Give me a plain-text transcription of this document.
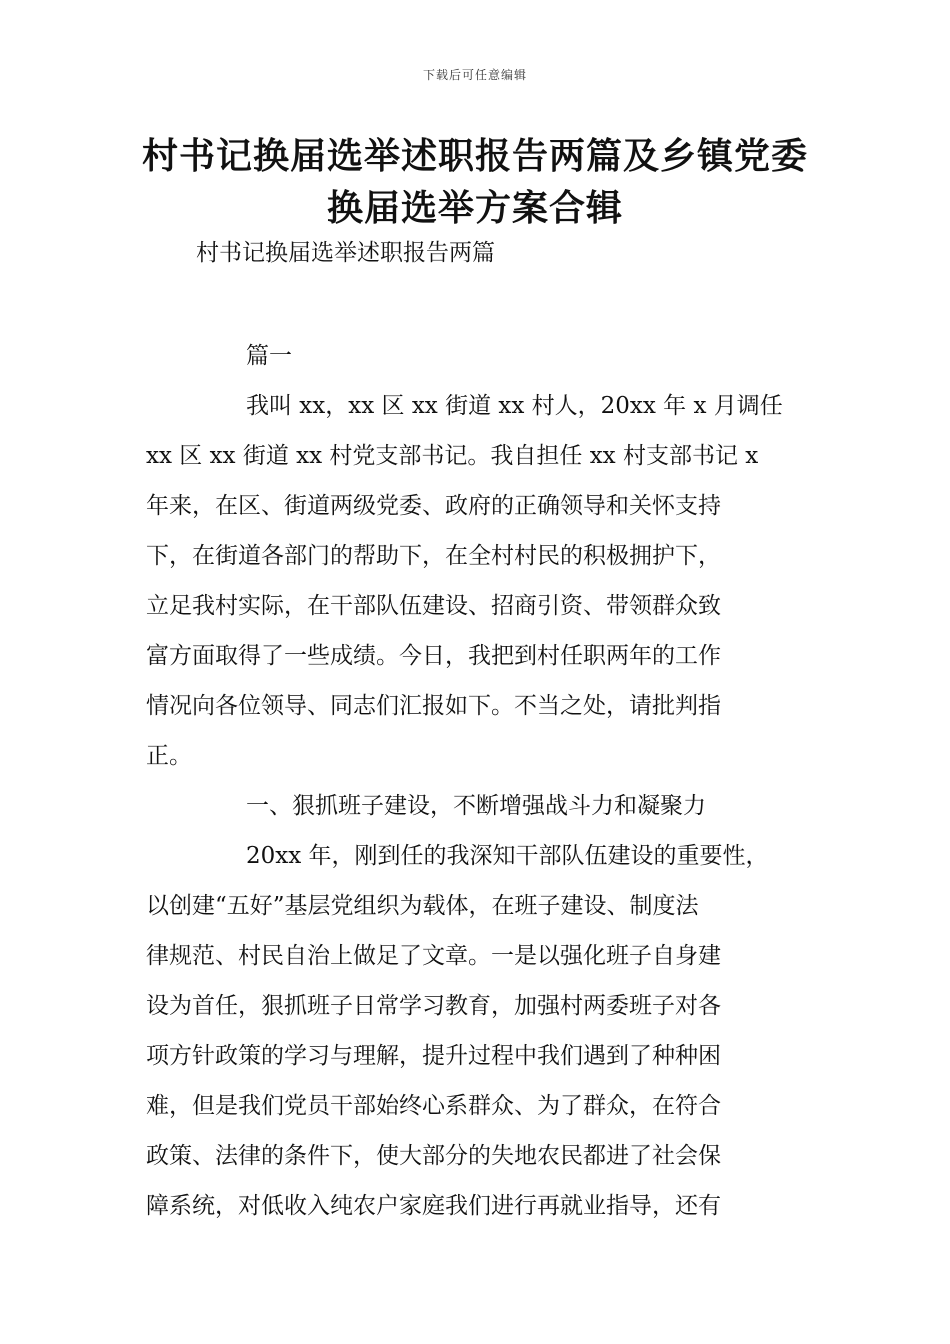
下载后可任意编辑
村书记换届选举述职报告两篇及乡镇党委
换届选举方案合辑
村书记换届选举述职报告两篇
篇一
我叫 xx，xx 区 xx 街道 xx 村人，20xx 年 x 月调任
xx 区 xx 街道 xx 村党支部书记。我自担任 xx 村支部书记 x
年来，在区、街道两级党委、政府的正确领导和关怀支持
下，在街道各部门的帮助下，在全村村民的积极拥护下，
立足我村实际，在干部队伍建设、招商引资、带领群众致
富方面取得了一些成绩。今日，我把到村任职两年的工作
情况向各位领导、同志们汇报如下。不当之处，请批判指
正。
一、狠抓班子建设，不断增强战斗力和凝聚力
20xx 年，刚到任的我深知干部队伍建设的重要性，
以创建“五好”基层党组织为载体，在班子建设、制度法
律规范、村民自治上做足了文章。一是以强化班子自身建
设为首任，狠抓班子日常学习教育，加强村两委班子对各
项方针政策的学习与理解，提升过程中我们遇到了种种困
难，但是我们党员干部始终心系群众、为了群众，在符合
政策、法律的条件下，使大部分的失地农民都进了社会保
障系统，对低收入纯农户家庭我们进行再就业指导，还有
